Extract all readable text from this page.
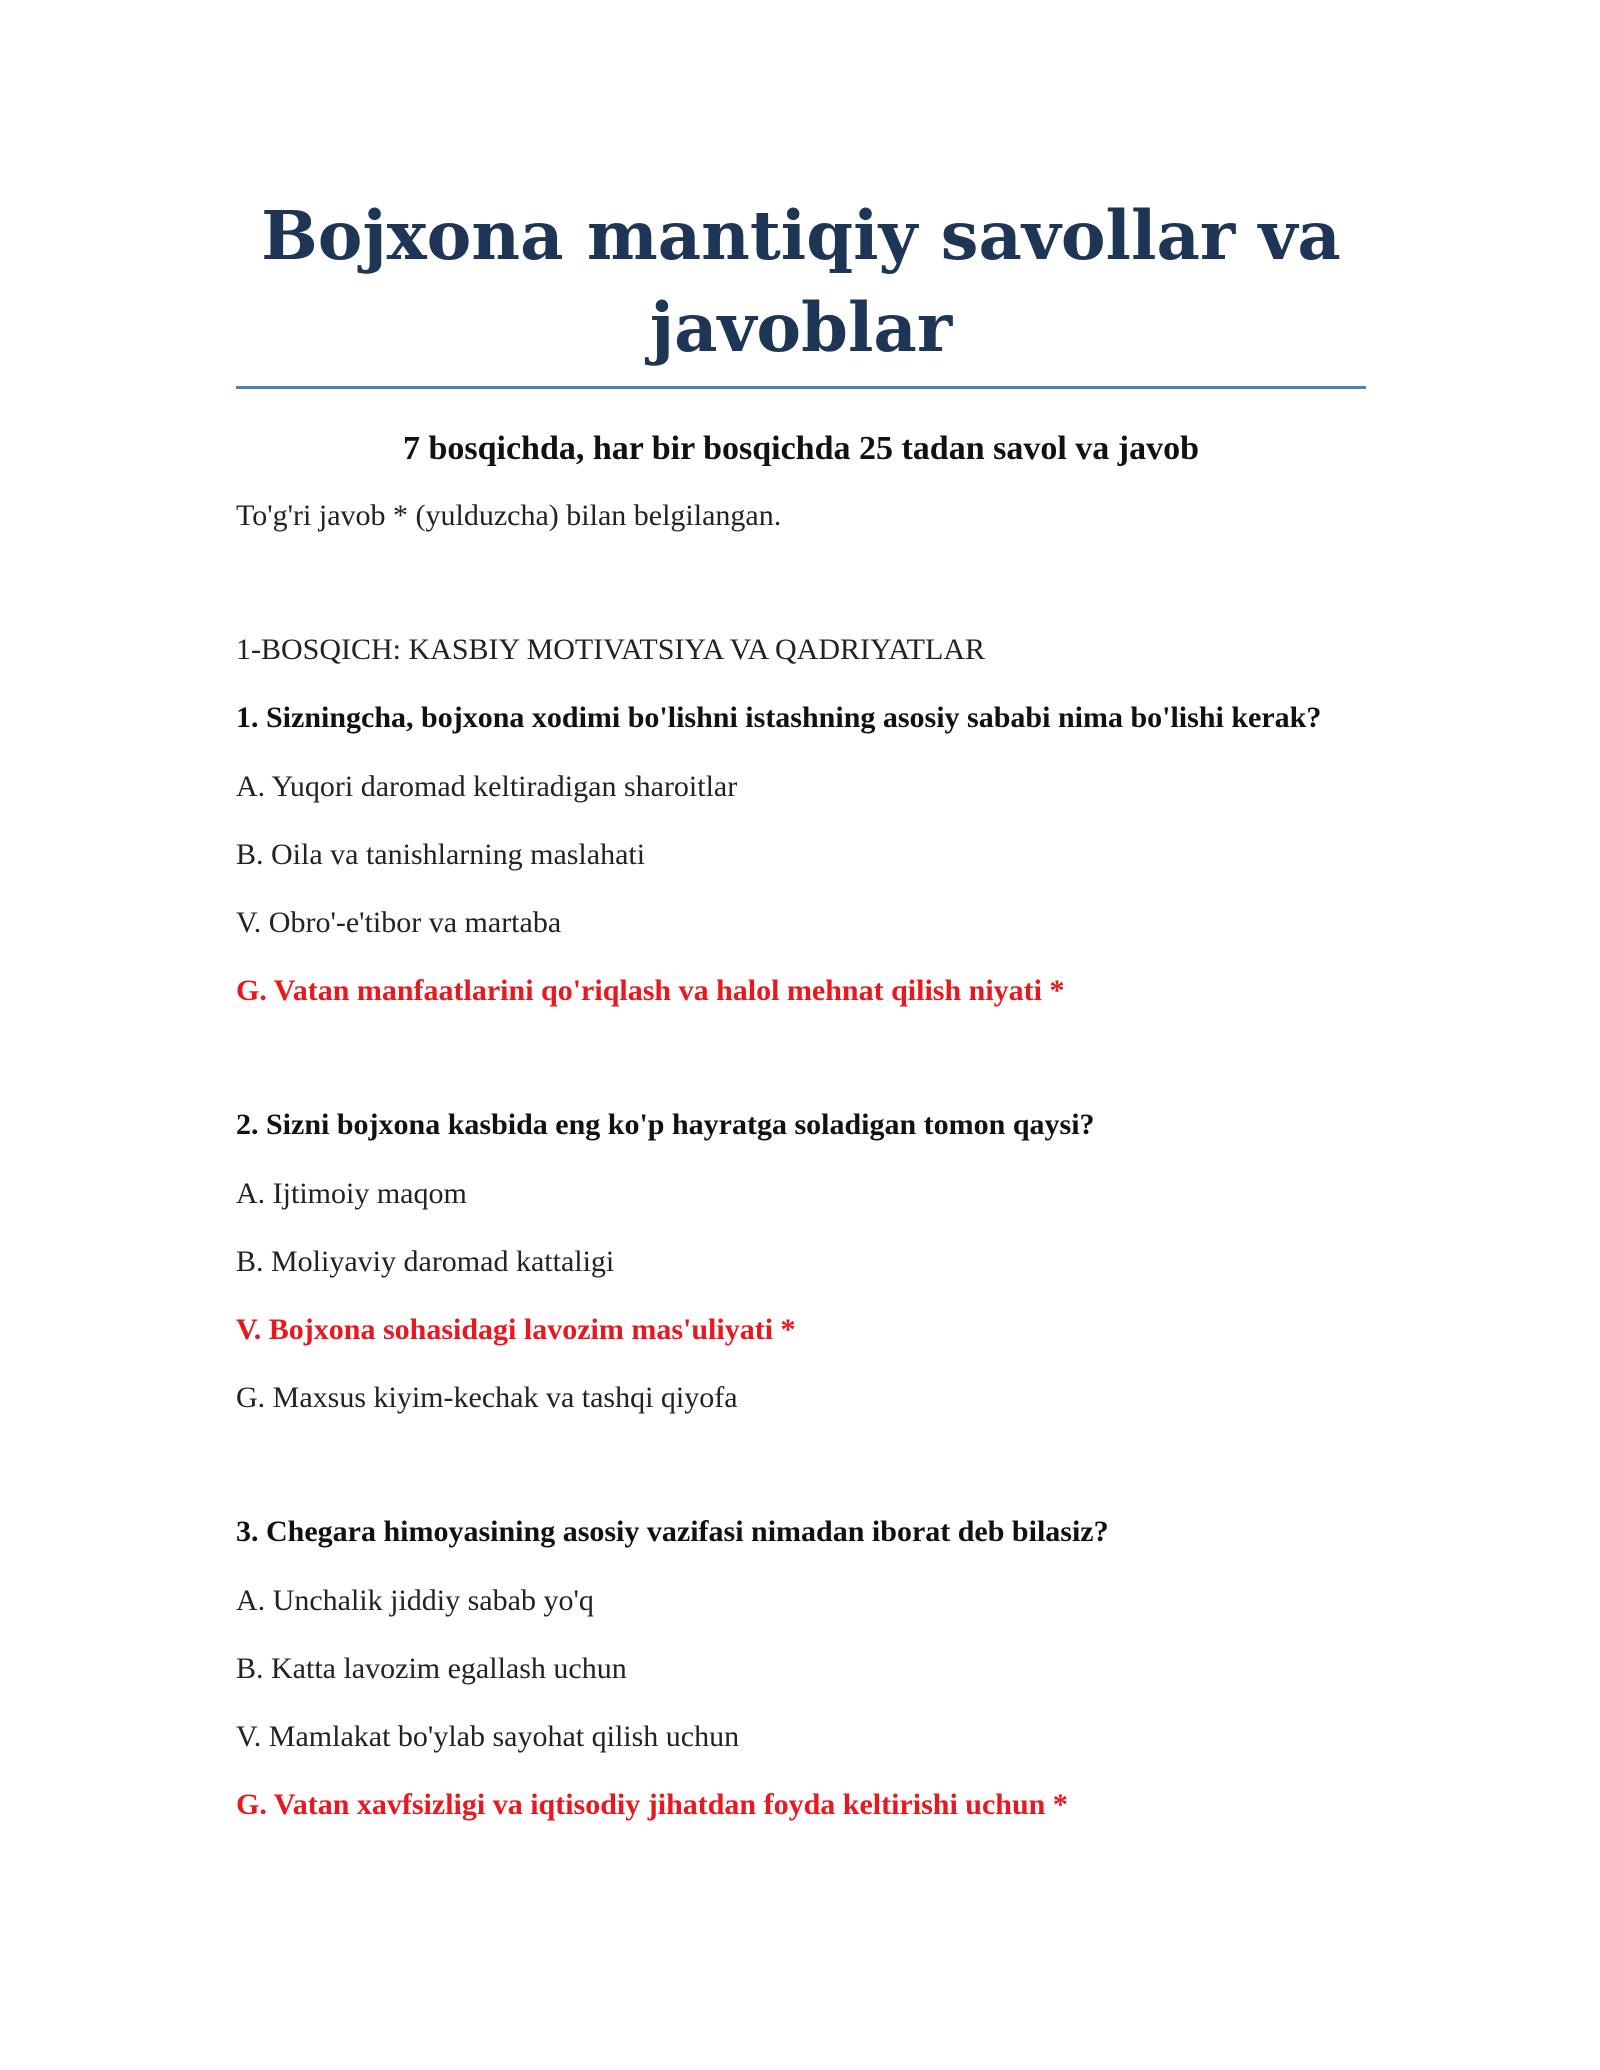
Bojxona mantiqiy savollar va javoblar
7 bosqichda, har bir bosqichda 25 tadan savol va javob
To'g'ri javob * (yulduzcha) bilan belgilangan.
1-BOSQICH: KASBIY MOTIVATSIYA VA QADRIYATLAR
1. Sizningcha, bojxona xodimi bo'lishni istashning asosiy sababi nima bo'lishi kerak?
A. Yuqori daromad keltiradigan sharoitlar
B. Oila va tanishlarning maslahati
V. Obro'-e'tibor va martaba
G. Vatan manfaatlarini qo'riqlash va halol mehnat qilish niyati *
2. Sizni bojxona kasbida eng ko'p hayratga soladigan tomon qaysi?
A. Ijtimoiy maqom
B. Moliyaviy daromad kattaligi
V. Bojxona sohasidagi lavozim mas'uliyati *
G. Maxsus kiyim-kechak va tashqi qiyofa
3. Chegara himoyasining asosiy vazifasi nimadan iborat deb bilasiz?
A. Unchalik jiddiy sabab yo'q
B. Katta lavozim egallash uchun
V. Mamlakat bo'ylab sayohat qilish uchun
G. Vatan xavfsizligi va iqtisodiy jihatdan foyda keltirishi uchun *
